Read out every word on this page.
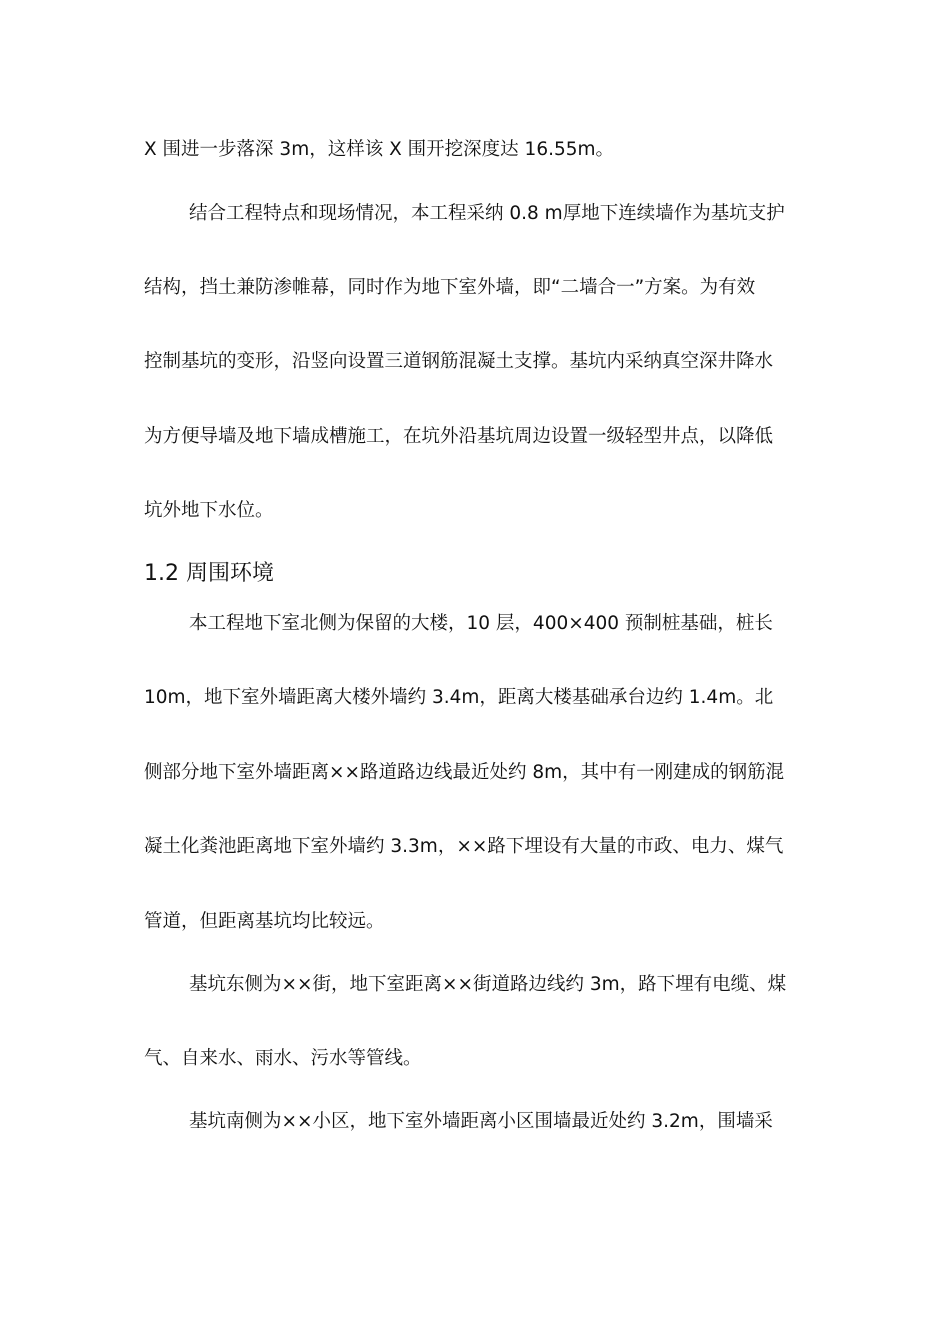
X 围进一步落深 3m，这样该 X 围开挖深度达 16.55m。
结合工程特点和现场情况，本工程采纳 0.8 m厚地下连续墙作为基坑支护
结构，挡土兼防渗帷幕，同时作为地下室外墙，即“二墙合一”方案。为有效
控制基坑的变形，沿竖向设置三道钢筋混凝土支撑。基坑内采纳真空深井降水
为方便导墙及地下墙成槽施工，在坑外沿基坑周边设置一级轻型井点，以降低
坑外地下水位。
1.2 周围环境
本工程地下室北侧为保留的大楼，10 层，400×400 预制桩基础，桩长
10m，地下室外墙距离大楼外墙约 3.4m，距离大楼基础承台边约 1.4m。北
侧部分地下室外墙距离××路道路边线最近处约 8m，其中有一刚建成的钢筋混
凝土化粪池距离地下室外墙约 3.3m，××路下埋设有大量的市政、电力、煤气
管道，但距离基坑均比较远。
基坑东侧为××街，地下室距离××街道路边线约 3m，路下埋有电缆、煤
气、自来水、雨水、污水等管线。
基坑南侧为××小区，地下室外墙距离小区围墙最近处约 3.2m，围墙采
